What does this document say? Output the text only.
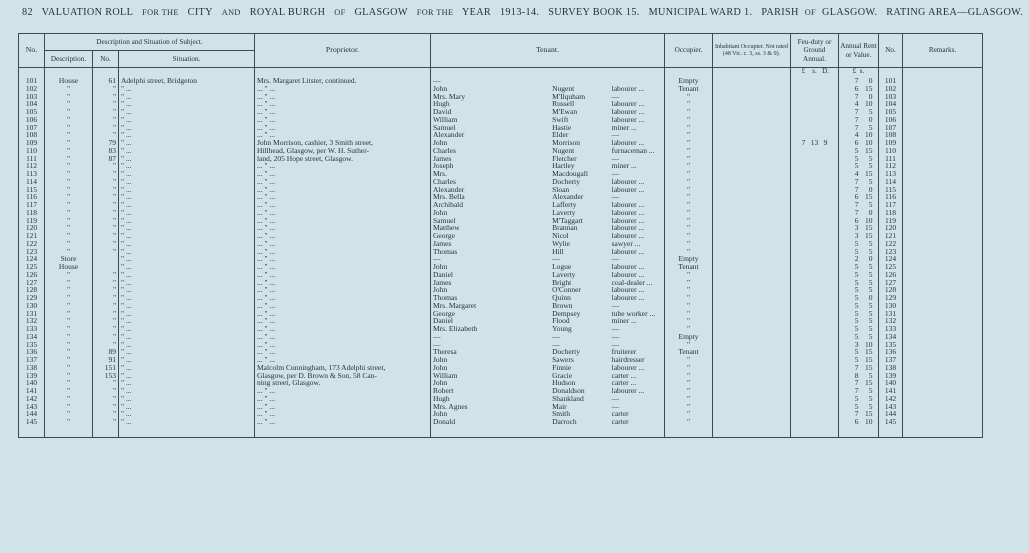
82 VALUATION ROLL FOR THE CITY AND ROYAL BURGH OF GLASGOW FOR THE YEAR 1913-14. SURVEY BOOK 15. MUNICIPAL WARD 1. PARISH OF GLASGOW. RATING AREA—GLASGOW.
No.	Description and Situation of Subject.			Proprietor.	Tenant.	Occupier.	Inhabitant Occupier. Not rated (48 Vic. c. 3, ss. 3 & 9).	Feu-duty or Ground Annual.	Annual Rent or Value.	No.	Remarks.
	Description.	No.	Situation.								
								£ s. D.	£ s.		
101	House	61	Adelphi street, Bridgeton	Mrs. Margaret Litster, continued.	—	Empty			7 0	101	
102	"	"	" ...	... " ...	John Nugent labourer ...	Tenant			6 15	102	
103	"	"	" ...	... " ...	Mrs. Mary M'Ilquham —	"			7 0	103	
104	"	"	" ...	... " ...	Hugh Russell labourer ...	"			4 10	104	
105	"	"	" ...	... " ...	David M'Ewan labourer ...	"			7 5	105	
106	"	"	" ...	... " ...	William Swift labourer ...	"			7 0	106	
107	"	"	" ...	... " ...	Samuel Hastie miner ...	"			7 5	107	
108	"	"	" ...	... " ...	Alexander Elder —	"			4 10	108	
109	"	79	" ...	John Morrison, cashier, 3 Smith street,	John Morrison labourer ...	"		7 13 9	6 10	109	
110	"	83	" ...	Hillhead, Glasgow, per W. H. Suther-	Charles Nugent furnaceman ...	"			5 15	110	
111	"	87	" ...	land, 205 Hope street, Glasgow.	James Fletcher —	"			5 5	111	
112	"	"	" ...	... " ...	Joseph Hartley miner ...	"			5 5	112	
113	"	"	" ...	... " ...	Mrs. Macdougall —	"			4 15	113	
114	"	"	" ...	... " ...	Charles Docherty labourer ...	"			7 5	114	
115	"	"	" ...	... " ...	Alexander Sloan labourer ...	"			7 0	115	
116	"	"	" ...	... " ...	Mrs. Bella Alexander —	"			6 15	116	
117	"	"	" ...	... " ...	Archibald Lafferty labourer ...	"			7 5	117	
118	"	"	" ...	... " ...	John Laverty labourer ...	"			7 0	118	
119	"	"	" ...	... " ...	Samuel M'Taggart labourer ...	"			6 10	119	
120	"	"	" ...	... " ...	Matthew Brannan labourer ...	"			3 15	120	
121	"	"	" ...	... " ...	George Nicol labourer ...	"			3 15	121	
122	"	"	" ...	... " ...	James Wylie sawyer ...	"			5 5	122	
123	"	"	" ...	... " ...	Thomas Hill labourer ...	"			5 5	123	
124	Store		" ...	... " ...	— — —	Empty			2 0	124	
125	House		" ...	... " ...	John Logue labourer ...	Tenant			5 5	125	
126	"	"	" ...	... " ...	Daniel Laverty labourer ...	"			5 5	126	
127	"	"	" ...	... " ...	James Bright coal-dealer ...	"			5 5	127	
128	"	"	" ...	... " ...	John O'Conner labourer ...	"			5 5	128	
129	"	"	" ...	... " ...	Thomas Quinn labourer ...	"			5 0	129	
130	"	"	" ...	... " ...	Mrs. Margaret Brown —	"			5 5	130	
131	"	"	" ...	... " ...	George Dempsey tube worker ...	"			5 5	131	
132	"	"	" ...	... " ...	Daniel Flood miner ...	"			5 5	132	
133	"	"	" ...	... " ...	Mrs. Elizabeth Young —	"			5 5	133	
134	"	"	" ...	... " ...	— — —	Empty			5 5	134	
135	"	"	" ...	... " ...	— — —	"			3 10	135	
136	"	89	" ...	... " ...	Theresa Docherty fruiterer	Tenant			5 15	136	
137	"	91	" ...	... " ...	John Sawers hairdresser	"			5 15	137	
138	"	151	" ...	Malcolm Cunningham, 173 Adelphi street,	John Finnie labourer ...	"			7 15	138	
139	"	153	" ...	Glasgow, per D. Brown & Son, 58 Can-	William Gracie carter ...	"			8 5	139	
140	"	"	" ...	ning street, Glasgow.	John Hudson carter ...	"			7 15	140	
141	"	"	" ...	... " ...	Robert Donaldson labourer ...	"			7 5	141	
142	"	"	" ...	... " ...	Hugh Shankland —	"			5 5	142	
143	"	"	" ...	... " ...	Mrs. Agnes Mair —	"			5 5	143	
144	"	"	" ...	... " ...	John Smith carter	"			7 15	144	
145	"	"	" ...	... " ...	Donald Darroch carter	"			6 10	145	
